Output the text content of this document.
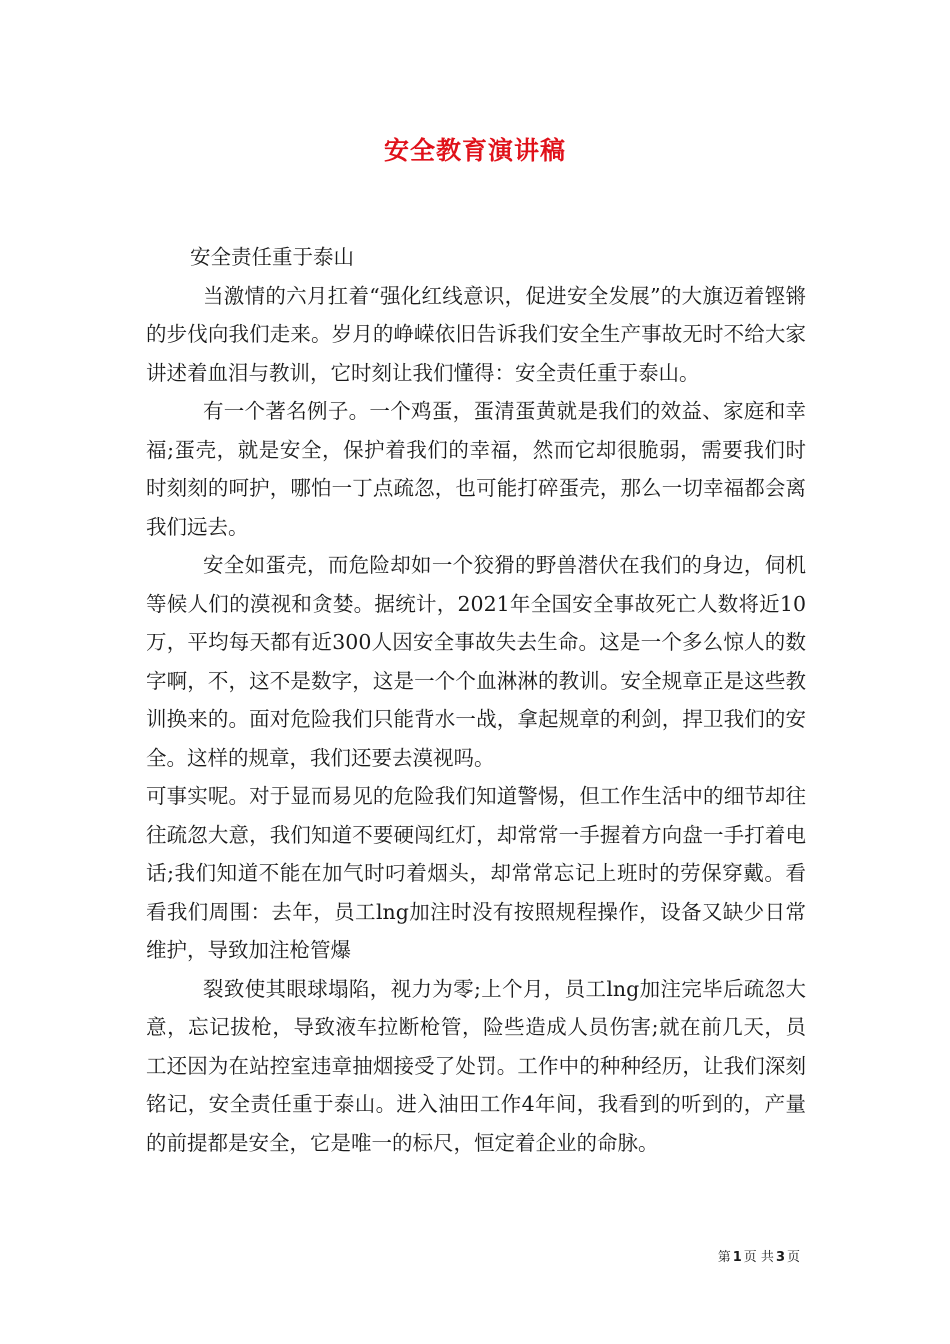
安全教育演讲稿

安全责任重于泰山

当激情的六月扛着“强化红线意识，促进安全发展”的大旗迈着铿锵的步伐向我们走来。岁月的峥嵘依旧告诉我们安全生产事故无时不给大家讲述着血泪与教训，它时刻让我们懂得：安全责任重于泰山。

有一个著名例子。一个鸡蛋，蛋清蛋黄就是我们的效益、家庭和幸福;蛋壳，就是安全，保护着我们的幸福，然而它却很脆弱，需要我们时时刻刻的呵护，哪怕一丁点疏忽，也可能打碎蛋壳，那么一切幸福都会离我们远去。

安全如蛋壳，而危险却如一个狡猾的野兽潜伏在我们的身边，伺机等候人们的漠视和贪婪。据统计，2021年全国安全事故死亡人数将近10万，平均每天都有近300人因安全事故失去生命。这是一个多么惊人的数字啊，不，这不是数字，这是一个个血淋淋的教训。安全规章正是这些教训换来的。面对危险我们只能背水一战，拿起规章的利剑，捍卫我们的安全。这样的规章，我们还要去漠视吗。

可事实呢。对于显而易见的危险我们知道警惕，但工作生活中的细节却往往疏忽大意，我们知道不要硬闯红灯，却常常一手握着方向盘一手打着电话;我们知道不能在加气时叼着烟头，却常常忘记上班时的劳保穿戴。看看我们周围：去年，员工lng加注时没有按照规程操作，设备又缺少日常维护，导致加注枪管爆

裂致使其眼球塌陷，视力为零;上个月，员工lng加注完毕后疏忽大意，忘记拔枪，导致液车拉断枪管，险些造成人员伤害;就在前几天，员工还因为在站控室违章抽烟接受了处罚。工作中的种种经历，让我们深刻铭记，安全责任重于泰山。进入油田工作4年间，我看到的听到的，产量的前提都是安全，它是唯一的标尺，恒定着企业的命脉。

第 1 页 共 3 页
